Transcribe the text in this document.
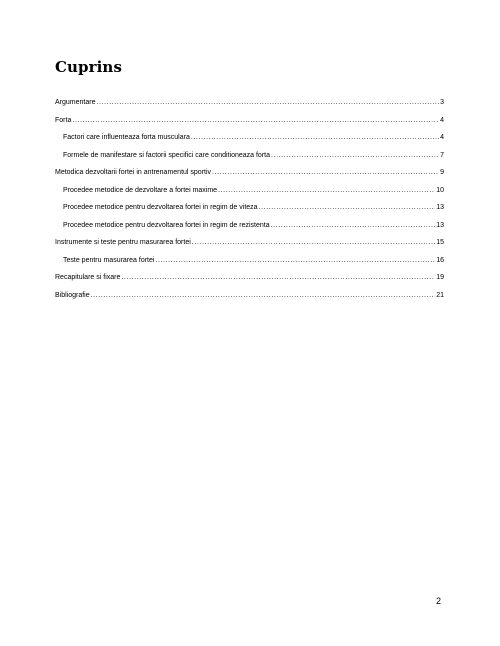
Cuprins
Argumentare .....	3
Forta .....	4
Factori care influenteaza forta musculara .....	4
Formele de manifestare si factorii specifici care conditioneaza forta .....	7
Metodica dezvoltarii fortei in antrenamentul sportiv .....	9
Procedee metodice de dezvoltare a fortei maxime .....	10
Procedee metodice pentru dezvoltarea fortei in regim de viteza .....	13
Procedee metodice pentru dezvoltarea fortei in regim de rezistenta .....	13
Instrumente si teste pentru masurarea fortei .....	15
Teste pentru masurarea fortei .....	16
Recapitulare si fixare .....	19
Bibliografie .....	21
2
